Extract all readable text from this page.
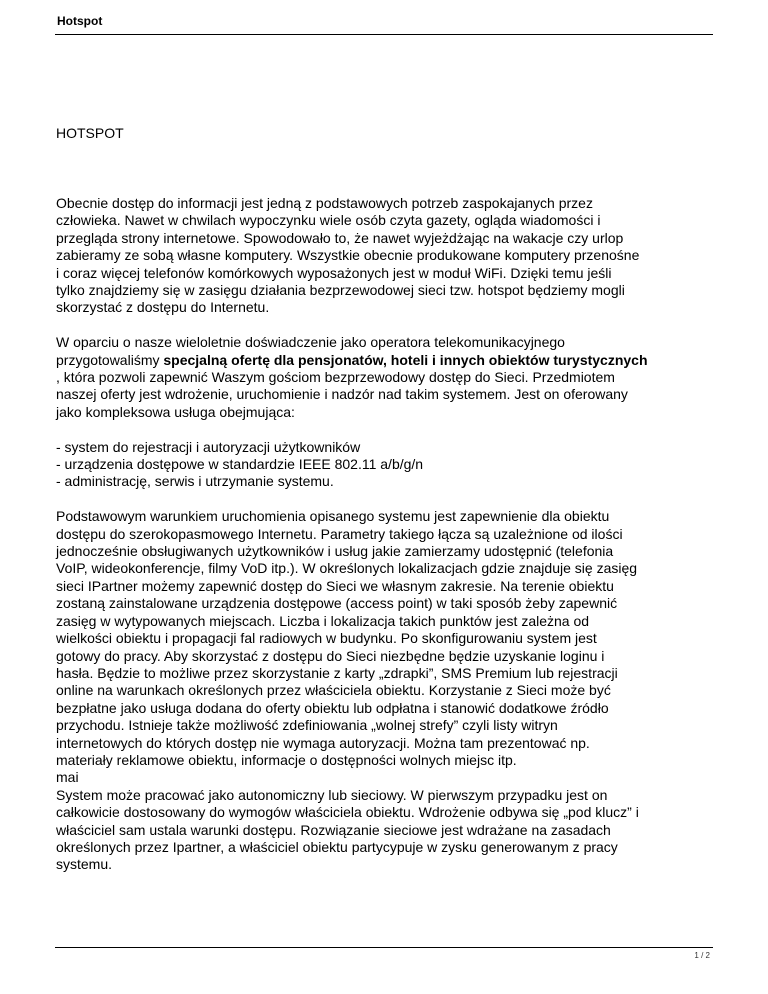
Hotspot
HOTSPOT

Obecnie dostęp do informacji jest jedną z podstawowych potrzeb zaspokajanych przez
człowieka. Nawet w chwilach wypoczynku wiele osób czyta gazety, ogląda wiadomości i
przegląda strony internetowe. Spowodowało to, że nawet wyjeżdżając na wakacje czy urlop
zabieramy ze sobą własne komputery. Wszystkie obecnie produkowane komputery przenośne
i coraz więcej telefonów komórkowych wyposażonych jest w moduł WiFi. Dzięki temu jeśli
tylko znajdziemy się w zasięgu działania bezprzewodowej sieci tzw. hotspot będziemy mogli
skorzystać z dostępu do Internetu.

W oparciu o nasze wieloletnie doświadczenie jako operatora telekomunikacyjnego
przygotowaliśmy specjalną ofertę dla pensjonatów, hoteli i innych obiektów turystycznych
, która pozwoli zapewnić Waszym gościom bezprzewodowy dostęp do Sieci. Przedmiotem
naszej oferty jest wdrożenie, uruchomienie i nadzór nad takim systemem. Jest on oferowany
jako kompleksowa usługa obejmująca:

- system do rejestracji i autoryzacji użytkowników
- urządzenia dostępowe w standardzie IEEE 802.11 a/b/g/n
- administrację, serwis i utrzymanie systemu.

Podstawowym warunkiem uruchomienia opisanego systemu jest zapewnienie dla obiektu
dostępu do szerokopasmowego Internetu. Parametry takiego łącza są uzależnione od ilości
jednocześnie obsługiwanych użytkowników i usług jakie zamierzamy udostępnić (telefonia
VoIP, wideokonferencje, filmy VoD itp.). W określonych lokalizacjach gdzie znajduje się zasięg
sieci IPartner możemy zapewnić dostęp do Sieci we własnym zakresie. Na terenie obiektu
zostaną zainstalowane urządzenia dostępowe (access point) w taki sposób żeby zapewnić
zasięg w wytypowanych miejscach. Liczba i lokalizacja takich punktów jest zależna od
wielkości obiektu i propagacji fal radiowych w budynku. Po skonfigurowaniu system jest
gotowy do pracy. Aby skorzystać z dostępu do Sieci niezbędne będzie uzyskanie loginu i
hasła. Będzie to możliwe przez skorzystanie z karty „zdrapki”, SMS Premium lub rejestracji
online na warunkach określonych przez właściciela obiektu. Korzystanie z Sieci może być
bezpłatne jako usługa dodana do oferty obiektu lub odpłatna i stanowić dodatkowe źródło
przychodu. Istnieje także możliwość zdefiniowania „wolnej strefy” czyli listy witryn
internetowych do których dostęp nie wymaga autoryzacji. Można tam prezentować np.
materiały reklamowe obiektu, informacje o dostępności wolnych miejsc itp.
mai
System może pracować jako autonomiczny lub sieciowy. W pierwszym przypadku jest on
całkowicie dostosowany do wymogów właściciela obiektu. Wdrożenie odbywa się „pod klucz” i
właściciel sam ustala warunki dostępu. Rozwiązanie sieciowe jest wdrażane na zasadach
określonych przez Ipartner, a właściciel obiektu partycypuje w zysku generowanym z pracy
systemu.

1 / 2
